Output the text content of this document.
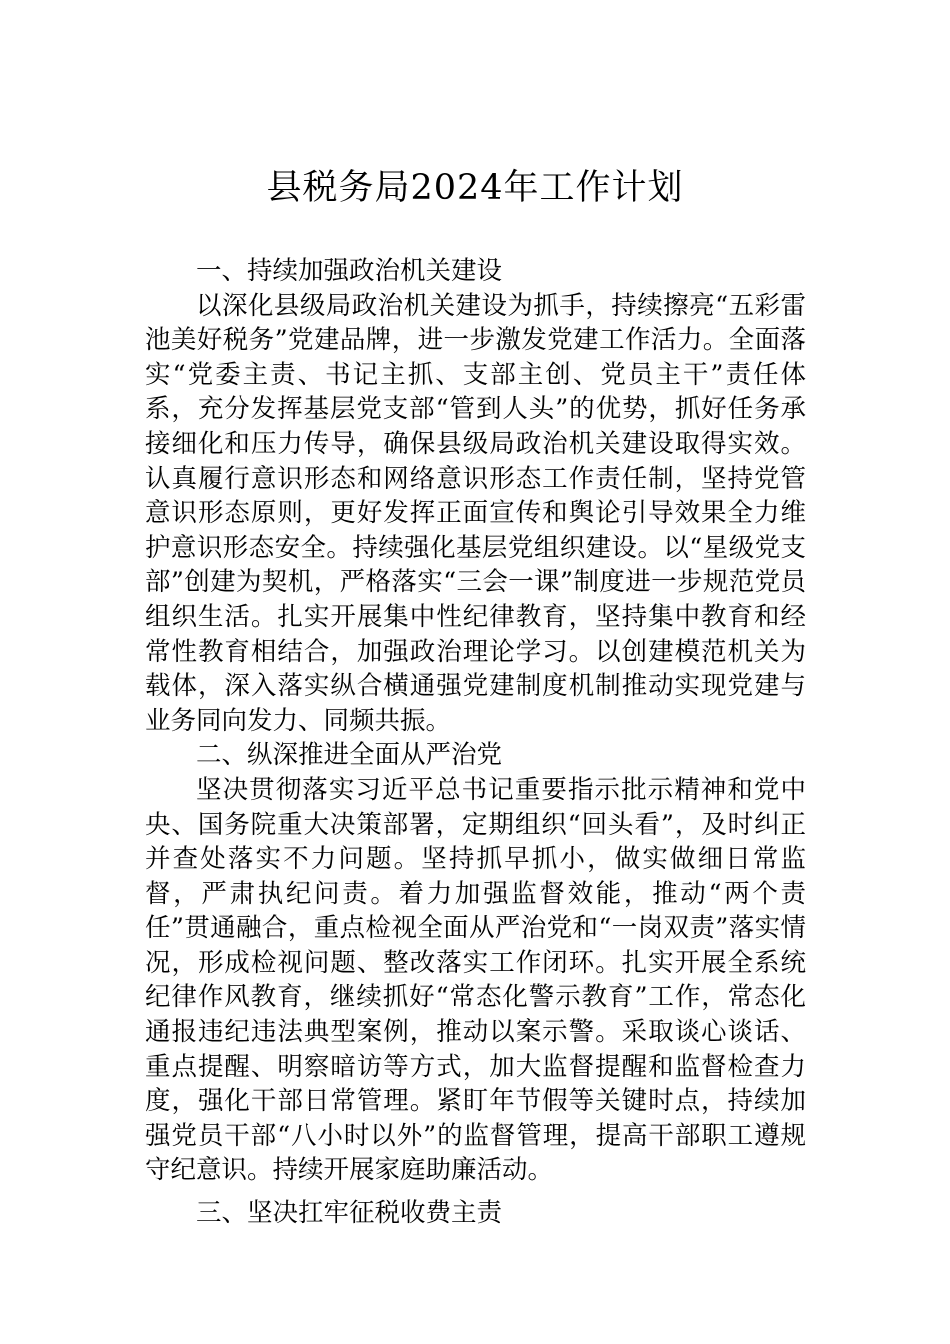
县税务局2024年工作计划

一、持续加强政治机关建设

以深化县级局政治机关建设为抓手，持续擦亮“五彩雷池美好税务”党建品牌，进一步激发党建工作活力。全面落实“党委主责、书记主抓、支部主创、党员主干”责任体系，充分发挥基层党支部“管到人头”的优势，抓好任务承接细化和压力传导，确保县级局政治机关建设取得实效。认真履行意识形态和网络意识形态工作责任制，坚持党管意识形态原则，更好发挥正面宣传和舆论引导效果全力维护意识形态安全。持续强化基层党组织建设。以“星级党支部”创建为契机，严格落实“三会一课”制度进一步规范党员组织生活。扎实开展集中性纪律教育，坚持集中教育和经常性教育相结合，加强政治理论学习。以创建模范机关为载体，深入落实纵合横通强党建制度机制推动实现党建与业务同向发力、同频共振。

二、纵深推进全面从严治党

坚决贯彻落实习近平总书记重要指示批示精神和党中央、国务院重大决策部署，定期组织“回头看”，及时纠正并查处落实不力问题。坚持抓早抓小，做实做细日常监督，严肃执纪问责。着力加强监督效能，推动“两个责任”贯通融合，重点检视全面从严治党和“一岗双责”落实情况，形成检视问题、整改落实工作闭环。扎实开展全系统纪律作风教育，继续抓好“常态化警示教育”工作，常态化通报违纪违法典型案例，推动以案示警。采取谈心谈话、重点提醒、明察暗访等方式，加大监督提醒和监督检查力度，强化干部日常管理。紧盯年节假等关键时点，持续加强党员干部“八小时以外”的监督管理，提高干部职工遵规守纪意识。持续开展家庭助廉活动。

三、坚决扛牢征税收费主责
